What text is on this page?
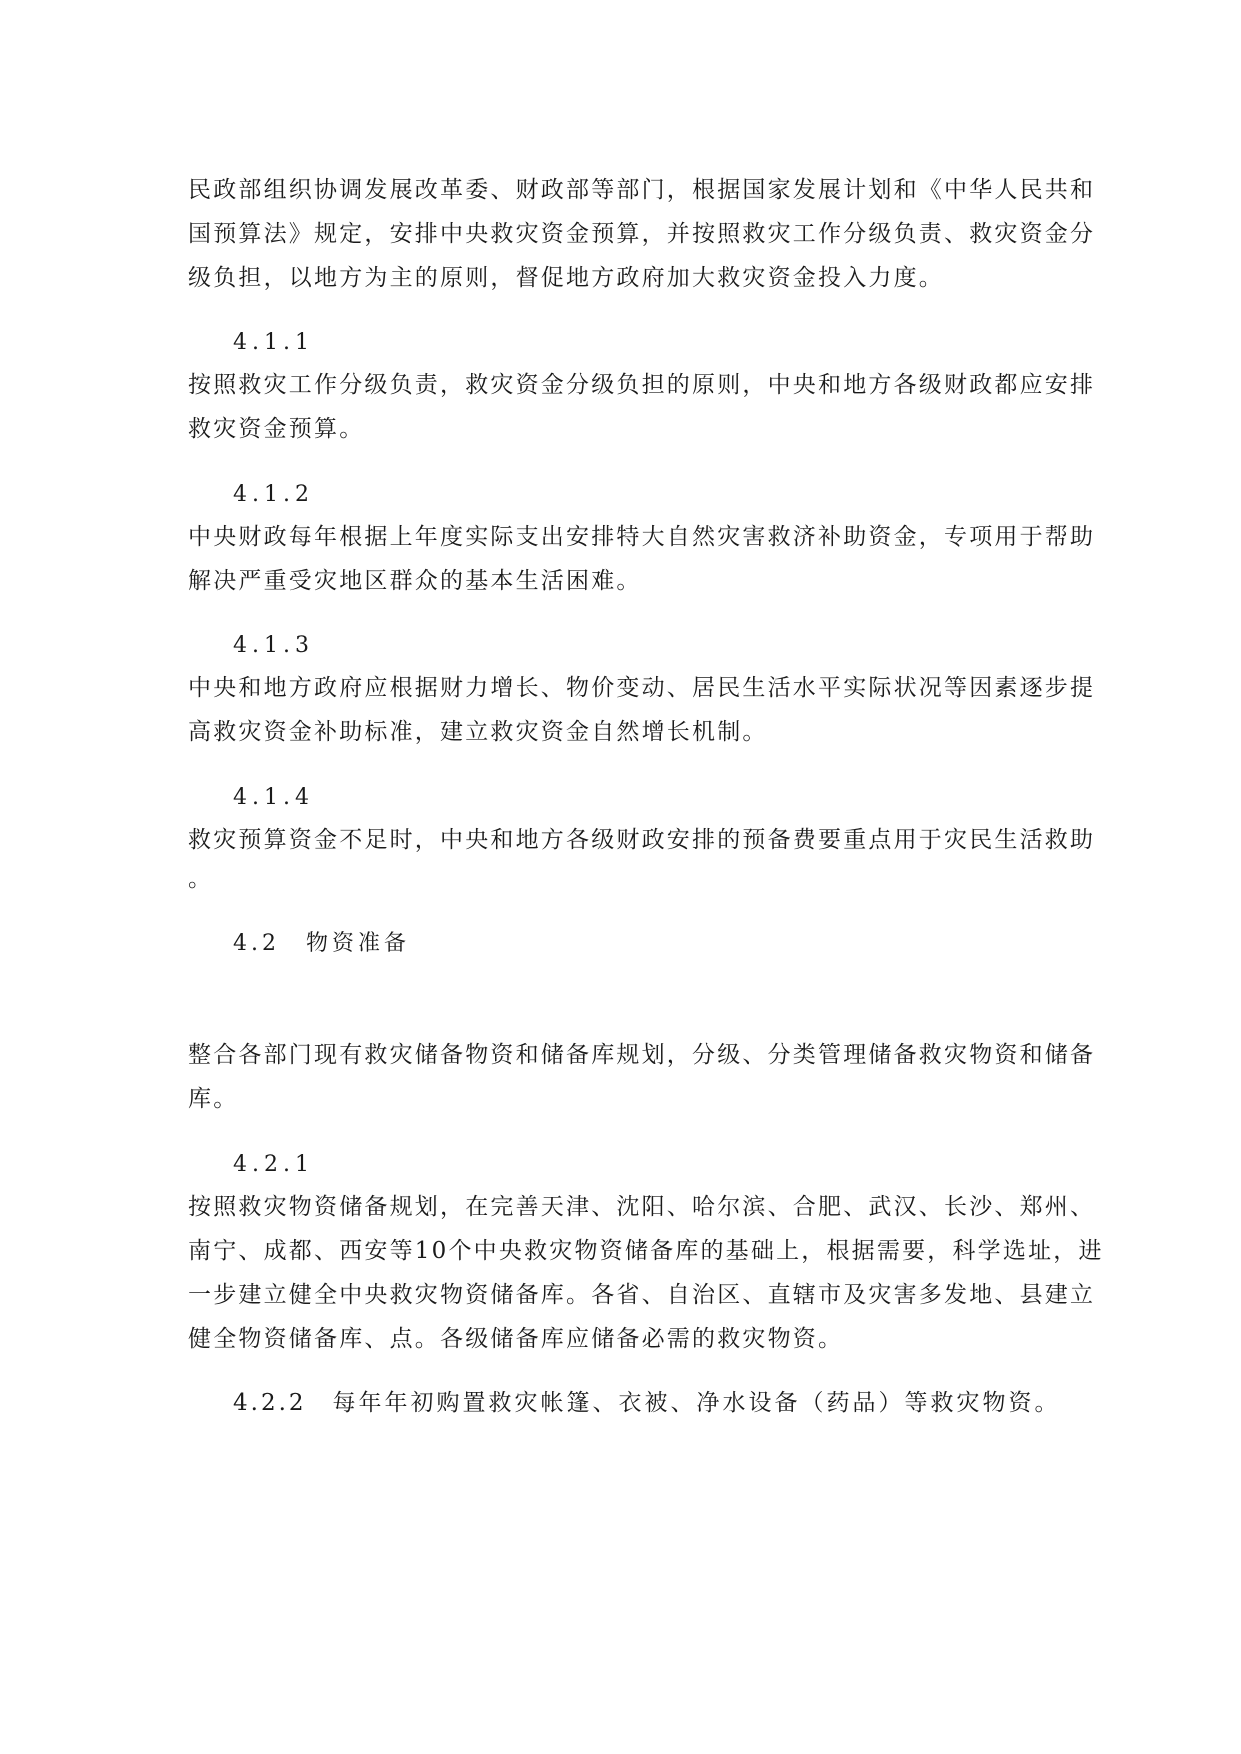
民政部组织协调发展改革委、财政部等部门，根据国家发展计划和《中华人民共和
国预算法》规定，安排中央救灾资金预算，并按照救灾工作分级负责、救灾资金分
级负担，以地方为主的原则，督促地方政府加大救灾资金投入力度。
4.1.1
按照救灾工作分级负责，救灾资金分级负担的原则，中央和地方各级财政都应安排
救灾资金预算。
4.1.2
中央财政每年根据上年度实际支出安排特大自然灾害救济补助资金，专项用于帮助
解决严重受灾地区群众的基本生活困难。
4.1.3
中央和地方政府应根据财力增长、物价变动、居民生活水平实际状况等因素逐步提
高救灾资金补助标准，建立救灾资金自然增长机制。
4.1.4
救灾预算资金不足时，中央和地方各级财政安排的预备费要重点用于灾民生活救助
。
4.2　物资准备
整合各部门现有救灾储备物资和储备库规划，分级、分类管理储备救灾物资和储备
库。
4.2.1
按照救灾物资储备规划，在完善天津、沈阳、哈尔滨、合肥、武汉、长沙、郑州、
南宁、成都、西安等10个中央救灾物资储备库的基础上，根据需要，科学选址，进
一步建立健全中央救灾物资储备库。各省、自治区、直辖市及灾害多发地、县建立
健全物资储备库、点。各级储备库应储备必需的救灾物资。
4.2.2　每年年初购置救灾帐篷、衣被、净水设备（药品）等救灾物资。
